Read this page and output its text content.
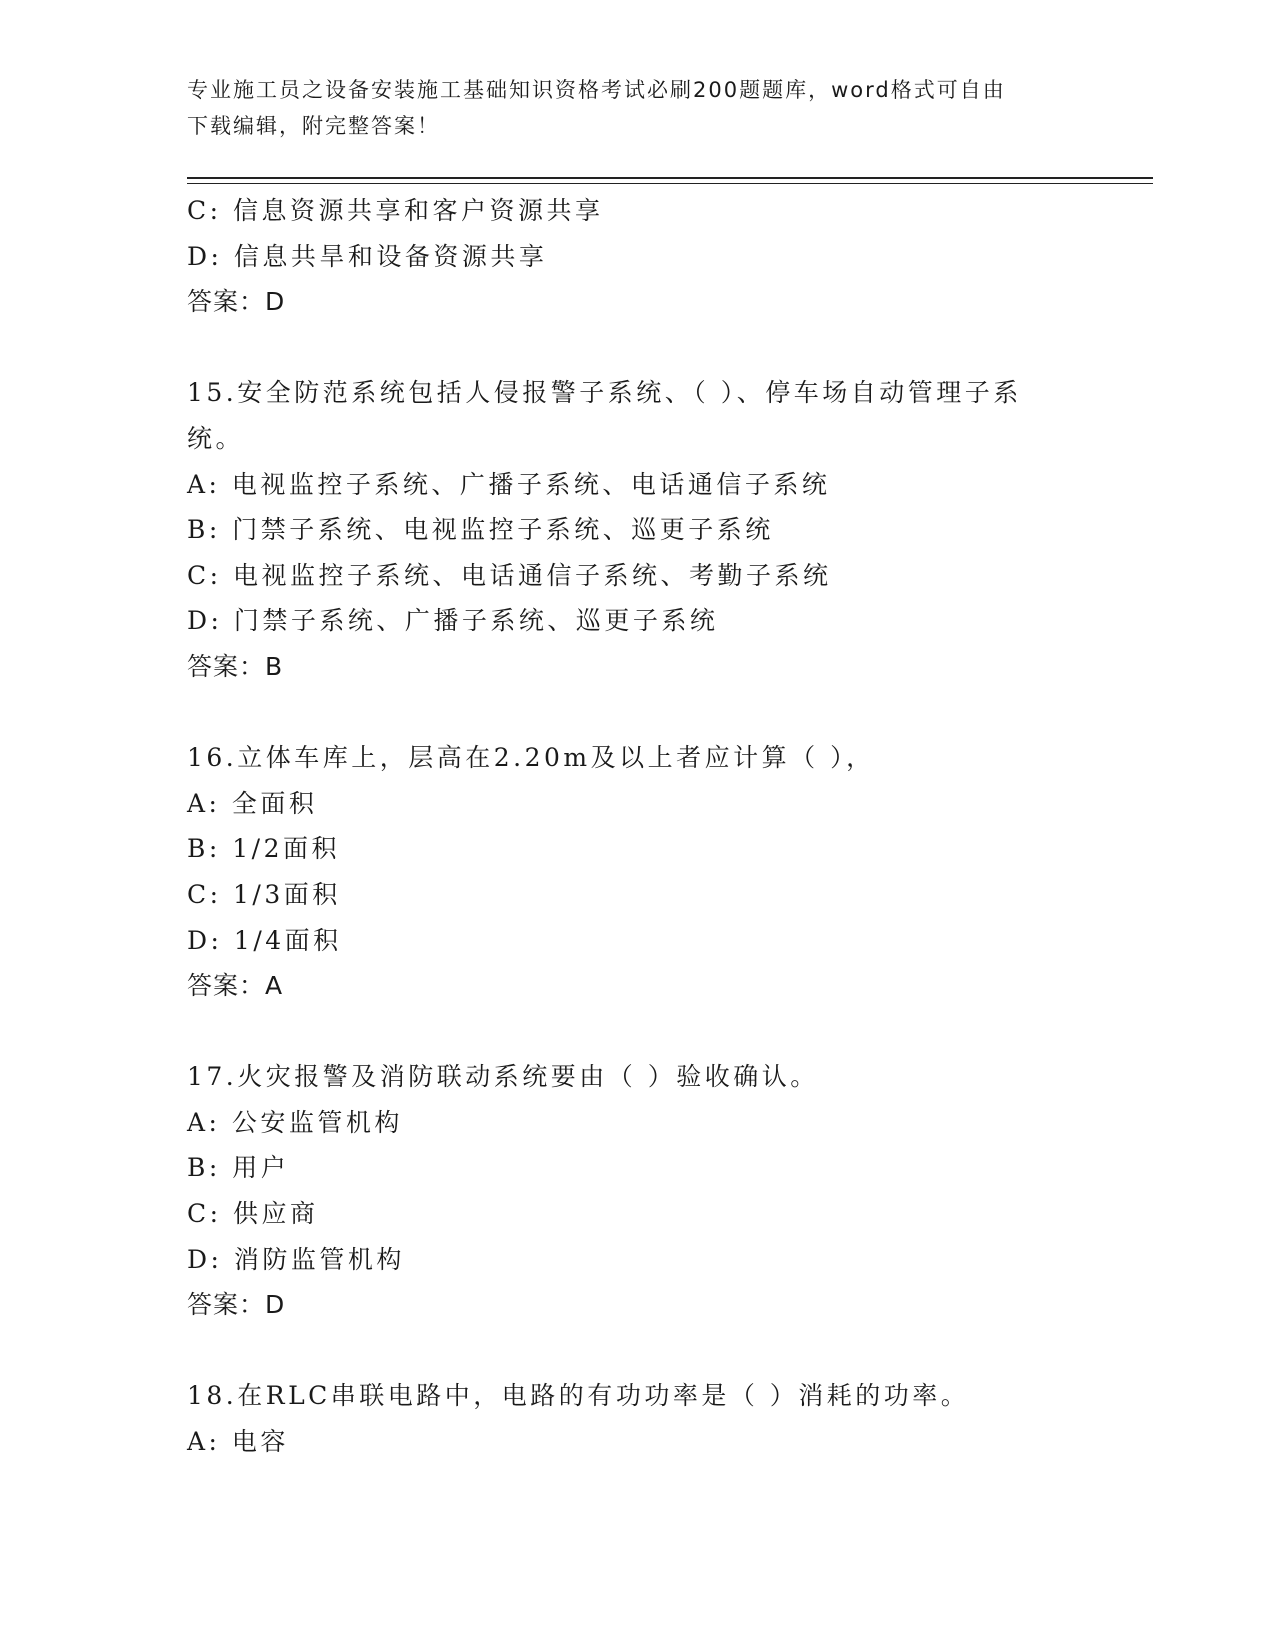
专业施工员之设备安装施工基础知识资格考试必刷200题题库，word格式可自由
下载编辑，附完整答案！
C: 信息资源共享和客户资源共享
D: 信息共旱和设备资源共享
答案：D
15.安全防范系统包括人侵报警子系统、（ ）、停车场自动管理子系
统。
A: 电视监控子系统、广播子系统、电话通信子系统
B: 门禁子系统、电视监控子系统、巡更子系统
C: 电视监控子系统、电话通信子系统、考勤子系统
D: 门禁子系统、广播子系统、巡更子系统
答案：B
16.立体车库上，层高在2.20m及以上者应计算（ ），
A: 全面积
B: 1/2面积
C: 1/3面积
D: 1/4面积
答案：A
17.火灾报警及消防联动系统要由（ ）验收确认。
A: 公安监管机构
B: 用户
C: 供应商
D: 消防监管机构
答案：D
18.在RLC串联电路中，电路的有功功率是（ ）消耗的功率。
A: 电容
